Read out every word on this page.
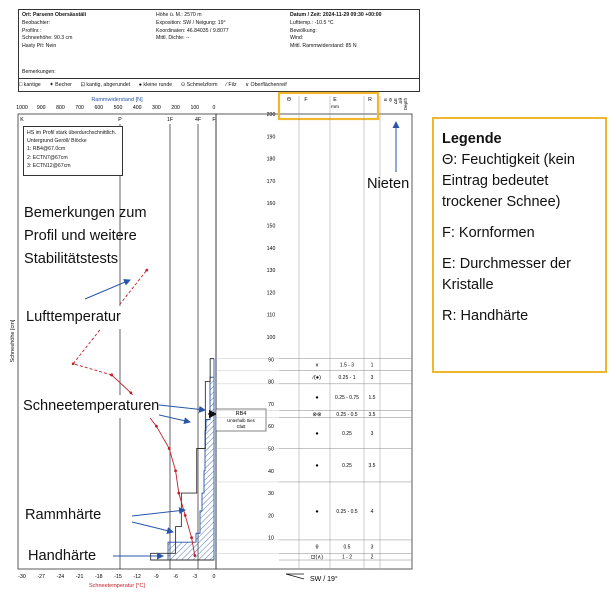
Ort: Parsenn Obersässtäli
Beobachter:
Profilnr.:
Schneehöhe: 90.3 cm
Hasty Pit: Nein
Höhe ü. M.: 2570 m
Exposition: SW / Neigung: 19°
Koordinaten: 46.84035 / 9.8077
Mittl. Dichte: --
Datum / Zeit: 2024-11-29 09:30 +00:00
Lufttemp.: -10.5 °C
Bewölkung:
Wind:
Mittl. Rammwiderstand: 85 N
Bemerkungen:
□ kantige ✦ Becher ⊡ kantig, abgerundet ● kleine runde ⊙ Schmelzform ⁄ Filz ∨ Oberflächenreif
Rammwiderstand [N]
1000 900 800 700 600 500 400 300 200 100	0
K	P	1F	4F F
-30 -27 -24 -21 -18 -15 -12	-9	-6	-3	0
Schneetemperatur [°C]
200
190
180
170
160
150
140
130
120
110
100
90
80
70
60
50
40
30
20
10
Schneehöhe [cm]
RB4
Unterhalb Sies
Glatt
Θ	F	E
mm
R E Θ ΔE Δθ Depth
∨	1.5 - 3	1
⁄(●)	0.25 - 1	3
●	0.25 - 0.75 1.5
⊗⊗	0.25 - 0.5 3.5
●	0.25	3
●	0.25	3.5
●	0.25 - 0.5	4
θ	0.5	3
⊡(∧)	1 - 2	2
SW / 19°
HS im Profil stark überdurchschnittlich.
Untergrund Geröll/ Blöcke
1: RB4@67.0cm
2: ECTN7@67cm
3: ECTN12@67cm
Bemerkungen zum
Profil und weitere
Stabilitätstests
Lufttemperatur
Schneetemperaturen
Rammhärte
Handhärte
Nieten

Legende

Θ: Feuchtigkeit (kein Eintrag bedeutet trockener Schnee)

F: Kornformen

E: Durchmesser der Kristalle

R: Handhärte
